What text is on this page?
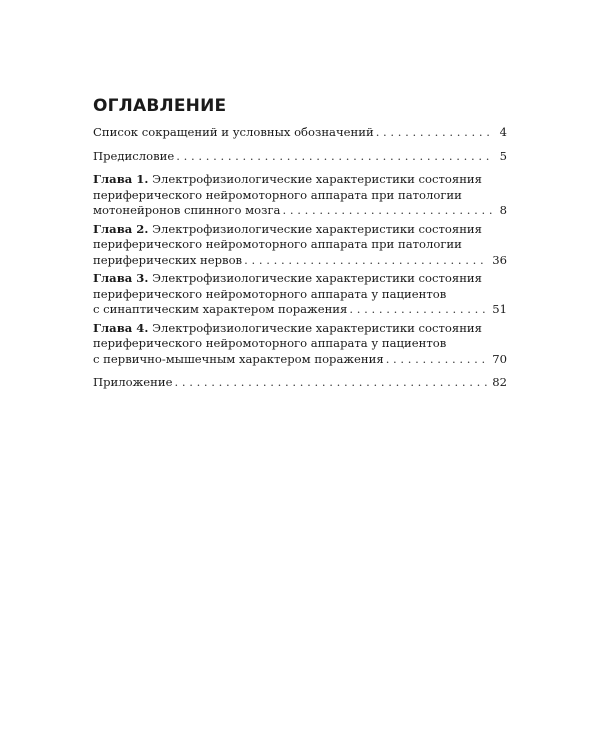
ОГЛАВЛЕНИЕ
Список сокращений и условных обозначений . . .	4
Предисловие . . .	5
Глава 1. Электрофизиологические характеристики состояния
периферического нейромоторного аппарата при патологии
мотонейронов спинного мозга . . .	8
Глава 2. Электрофизиологические характеристики состояния
периферического нейромоторного аппарата при патологии
периферических нервов . . .	36
Глава 3. Электрофизиологические характеристики состояния
периферического нейромоторного аппарата у пациентов
с синаптическим характером поражения . . .	51
Глава 4. Электрофизиологические характеристики состояния
периферического нейромоторного аппарата у пациентов
с первично-мышечным характером поражения . . .	70
Приложение . . .	82
